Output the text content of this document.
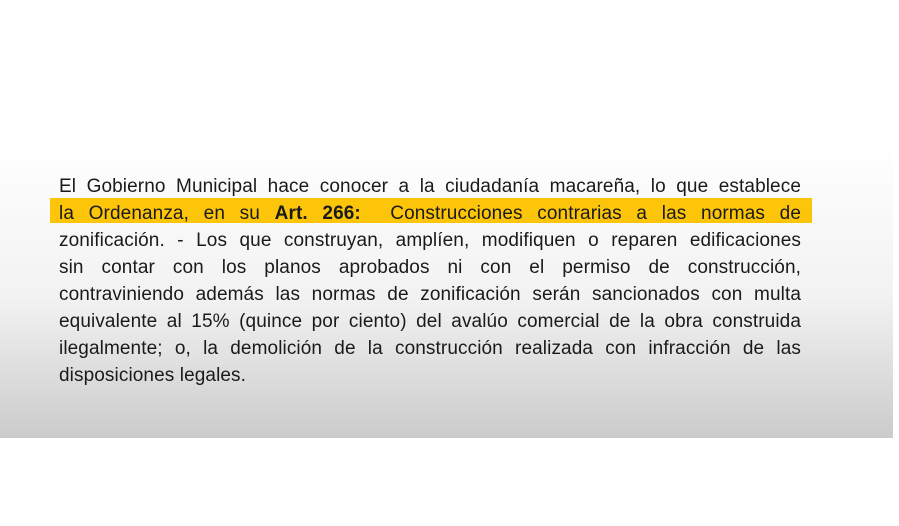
El Gobierno Municipal hace conocer a la ciudadanía macareña, lo que establece
la Ordenanza, en su Art. 266:  Construcciones contrarias a las normas de
zonificación. - Los que construyan, amplíen, modifiquen o reparen edificaciones
sin contar con los planos aprobados ni con el permiso de construcción,
contraviniendo además las normas de zonificación serán sancionados con multa
equivalente al 15% (quince por ciento) del avalúo comercial de la obra construida
ilegalmente; o, la demolición de la construcción realizada con infracción de las
disposiciones legales.
